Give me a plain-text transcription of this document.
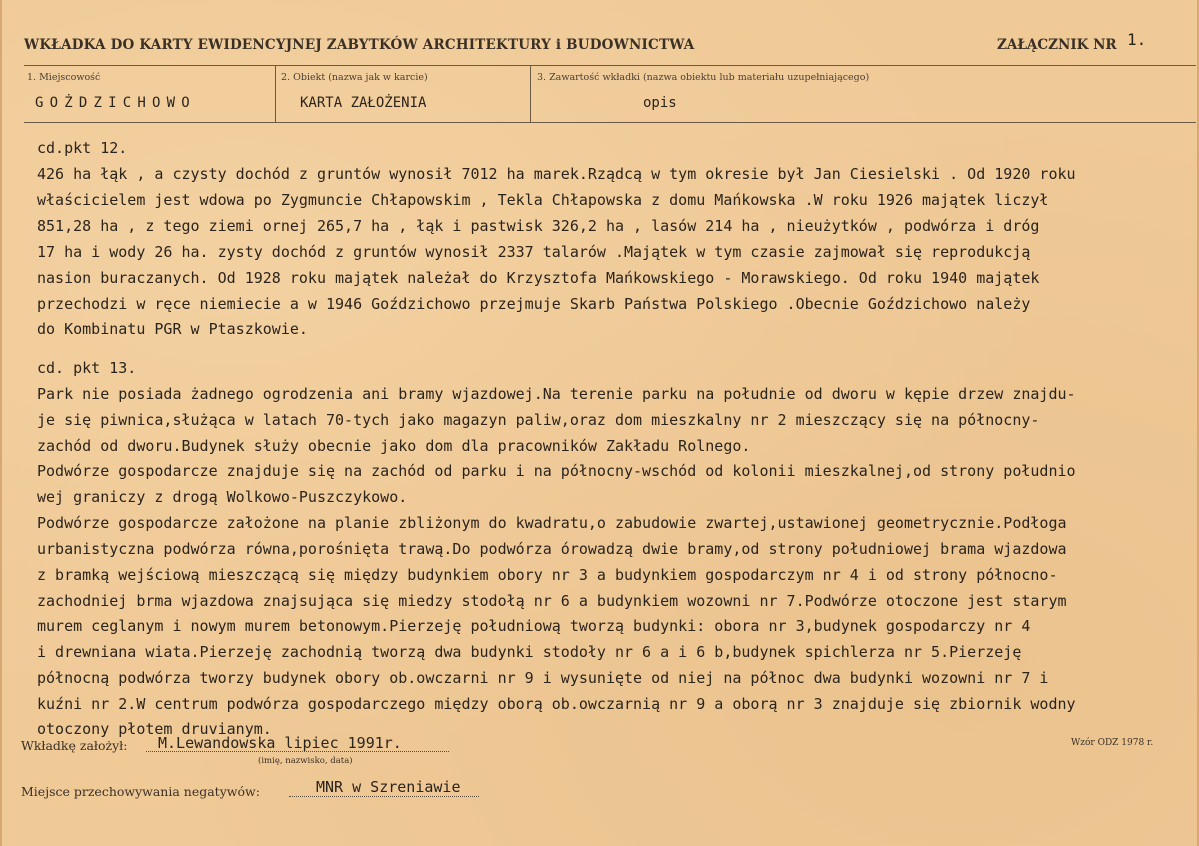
WKŁADKA DO KARTY EWIDENCYJNEJ ZABYTKÓW ARCHITEKTURY i BUDOWNICTWA	ZAŁĄCZNIK NR 1.
1. Miejscowość
GOŻDZICHOWO
2. Obiekt (nazwa jak w karcie)
KARTA ZAŁOŻENIA
3. Zawartość wkładki (nazwa obiektu lub materiału uzupełniającego)
opis
cd.pkt 12.
426 ha łąk , a czysty dochód z gruntów wynosił 7012 ha marek.Rządcą w tym okresie był Jan Ciesielski . Od 1920 roku
właścicielem jest wdowa po Zygmuncie Chłapowskim , Tekla Chłapowska z domu Mańkowska .W roku 1926 majątek liczył
851,28 ha , z tego ziemi ornej 265,7 ha , łąk i pastwisk 326,2 ha , lasów 214 ha , nieużytków , podwórza i dróg
17 ha i wody 26 ha. zysty dochód z gruntów wynosił 2337 talarów .Majątek w tym czasie zajmował się reprodukcją
nasion buraczanych. Od 1928 roku majątek należał do Krzysztofa Mańkowskiego - Morawskiego. Od roku 1940 majątek
przechodzi w ręce niemiecie a w 1946 Goździchowo przejmuje Skarb Państwa Polskiego .Obecnie Goździchowo należy
do Kombinatu PGR w Ptaszkowie.
cd. pkt 13.
Park nie posiada żadnego ogrodzenia ani bramy wjazdowej.Na terenie parku na południe od dworu w kępie drzew znajdu-
je się piwnica,służąca w latach 70-tych jako magazyn paliw,oraz dom mieszkalny nr 2 mieszczący się na północny-
zachód od dworu.Budynek służy obecnie jako dom dla pracowników Zakładu Rolnego.
Podwórze gospodarcze znajduje się na zachód od parku i na północny-wschód od kolonii mieszkalnej,od strony południo
wej graniczy z drogą Wolkowo-Puszczykowo.
Podwórze gospodarcze założone na planie zbliżonym do kwadratu,o zabudowie zwartej,ustawionej geometrycznie.Podłoga
urbanistyczna podwórza równa,porośnięta trawą.Do podwórza órowadzą dwie bramy,od strony południowej brama wjazdowa
z bramką wejściową mieszczącą się między budynkiem obory nr 3 a budynkiem gospodarczym nr 4 i od strony północno-
zachodniej brma wjazdowa znajsująca się miedzy stodołą nr 6 a budynkiem wozowni nr 7.Podwórze otoczone jest starym
murem ceglanym i nowym murem betonowym.Pierzeję południową tworzą budynki: obora nr 3,budynek gospodarczy nr 4
i drewniana wiata.Pierzeję zachodnią tworzą dwa budynki stodoły nr 6 a i 6 b,budynek spichlerza nr 5.Pierzeję
północną podwórza tworzy budynek obory ob.owczarni nr 9 i wysunięte od niej na północ dwa budynki wozowni nr 7 i
kuźni nr 2.W centrum podwórza gospodarczego między oborą ob.owczarnią nr 9 a oborą nr 3 znajduje się zbiornik wodny
otoczony płotem druvianym.
Wkładkę założył: M.Lewandowska lipiec 1991r.
(imię, nazwisko, data)
Wzór ODZ 1978 r.
Miejsce przechowywania negatywów:	MNR w Szreniawie
